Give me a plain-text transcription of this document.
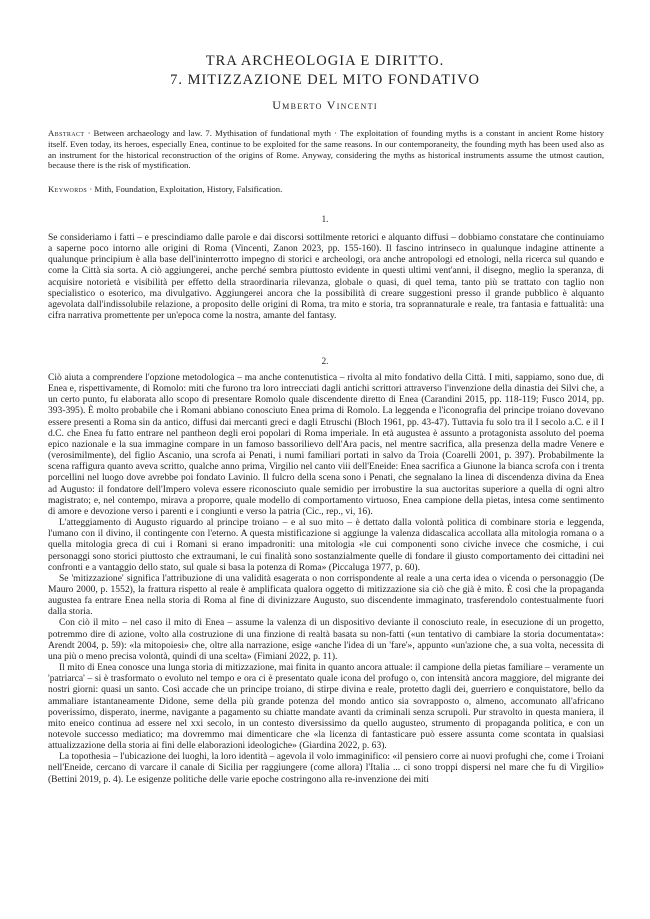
TRA ARCHEOLOGIA E DIRITTO.
7. MITIZZAZIONE DEL MITO FONDATIVO
Umberto Vincenti
Abstract · Between archaeology and law. 7. Mythisation of fundational myth · The exploitation of founding myths is a constant in ancient Rome history itself. Even today, its heroes, especially Enea, continue to be exploited for the same reasons. In our contemporaneity, the founding myth has been used also as an instrument for the historical reconstruction of the origins of Rome. Anyway, considering the myths as historical instruments assume the utmost caution, because there is the risk of mystification.
Keywords · Mith, Foundation, Exploitation, History, Falsification.
1.

Se consideriamo i fatti – e prescindiamo dalle parole e dai discorsi sottilmente retorici e alquanto diffusi – dobbiamo constatare che continuiamo a saperne poco intorno alle origini di Roma (Vincenti, Zanon 2023, pp. 155-160). Il fascino intrinseco in qualunque indagine attinente a qualunque principium è alla base dell'ininterrotto impegno di storici e archeologi, ora anche antropologi ed etnologi, nella ricerca sul quando e come la Città sia sorta. A ciò aggiungerei, anche perché sembra piuttosto evidente in questi ultimi vent'anni, il disegno, meglio la speranza, di acquisire notorietà e visibilità per effetto della straordinaria rilevanza, globale o quasi, di quel tema, tanto più se trattato con taglio non specialistico o esoterico, ma divulgativo. Aggiungerei ancora che la possibilità di creare suggestioni presso il grande pubblico è alquanto agevolata dall'indissolubile relazione, a proposito delle origini di Roma, tra mito e storia, tra soprannaturale e reale, tra fantasia e fattualità: una cifra narrativa promettente per un'epoca come la nostra, amante del fantasy.

2.

Ciò aiuta a comprendere l'opzione metodologica – ma anche contenutistica – rivolta al mito fondativo della Città. I miti, sappiamo, sono due, di Enea e, rispettivamente, di Romolo: miti che furono tra loro intrecciati dagli antichi scrittori attraverso l'invenzione della dinastia dei Silvi che, a un certo punto, fu elaborata allo scopo di presentare Romolo quale discendente diretto di Enea (Carandini 2015, pp. 118-119; Fusco 2014, pp. 393-395). È molto probabile che i Romani abbiano conosciuto Enea prima di Romolo. La leggenda e l'iconografia del principe troiano dovevano essere presenti a Roma sin da antico, diffusi dai mercanti greci e dagli Etruschi (Bloch 1961, pp. 43-47). Tuttavia fu solo tra il I secolo a.C. e il I d.C. che Enea fu fatto entrare nel pantheon degli eroi popolari di Roma imperiale. In età augustea è assunto a protagonista assoluto del poema epico nazionale e la sua immagine compare in un famoso bassorilievo dell'Ara pacis, nel mentre sacrifica, alla presenza della madre Venere e (verosimilmente), del figlio Ascanio, una scrofa ai Penati, i numi familiari portati in salvo da Troia (Coarelli 2001, p. 397). Probabilmente la scena raffigura quanto aveva scritto, qualche anno prima, Virgilio nel canto viii dell'Eneide: Enea sacrifica a Giunone la bianca scrofa con i trenta porcellini nel luogo dove avrebbe poi fondato Lavinio. Il fulcro della scena sono i Penati, che segnalano la linea di discendenza divina da Enea ad Augusto: il fondatore dell'Impero voleva essere riconosciuto quale semidio per irrobustire la sua auctoritas superiore a quella di ogni altro magistrato; e, nel contempo, mirava a proporre, quale modello di comportamento virtuoso, Enea campione della pietas, intesa come sentimento di amore e devozione verso i parenti e i congiunti e verso la patria (Cic., rep., vi, 16).

L'atteggiamento di Augusto riguardo al principe troiano – e al suo mito – è dettato dalla volontà politica di combinare storia e leggenda, l'umano con il divino, il contingente con l'eterno. A questa mistificazione si aggiunge la valenza didascalica accollata alla mitologia romana o a quella mitologia greca di cui i Romani si erano impadroniti: una mitologia «le cui componenti sono civiche invece che cosmiche, i cui personaggi sono storici piuttosto che extraumani, le cui finalità sono sostanzialmente quelle di fondare il giusto comportamento dei cittadini nei confronti e a vantaggio dello stato, sul quale si basa la potenza di Roma» (Piccaluga 1977, p. 60).

Se 'mitizzazione' significa l'attribuzione di una validità esagerata o non corrispondente al reale a una certa idea o vicenda o personaggio (De Mauro 2000, p. 1552), la frattura rispetto al reale è amplificata qualora oggetto di mitizzazione sia ciò che già è mito. È così che la propaganda augustea fa entrare Enea nella storia di Roma al fine di divinizzare Augusto, suo discendente immaginato, trasferendolo contestualmente fuori dalla storia.

Con ciò il mito – nel caso il mito di Enea – assume la valenza di un dispositivo deviante il conosciuto reale, in esecuzione di un progetto, potremmo dire di azione, volto alla costruzione di una finzione di realtà basata su non-fatti («un tentativo di cambiare la storia documentata»: Arendt 2004, p. 59): «la mitopoiesi» che, oltre alla narrazione, esige «anche l'idea di un 'fare'», appunto «un'azione che, a sua volta, necessita di una più o meno precisa volontà, quindi di una scelta» (Fimiani 2022, p. 11).

Il mito di Enea conosce una lunga storia di mitizzazione, mai finita in quanto ancora attuale: il campione della pietas familiare – veramente un 'patriarca' – si è trasformato o evoluto nel tempo e ora ci è presentato quale icona del profugo o, con intensità ancora maggiore, del migrante dei nostri giorni: quasi un santo. Così accade che un principe troiano, di stirpe divina e reale, protetto dagli dei, guerriero e conquistatore, bello da ammaliare istantaneamente Didone, seme della più grande potenza del mondo antico sia sovrapposto o, almeno, accomunato all'africano poverissimo, disperato, inerme, navigante a pagamento su chiatte mandate avanti da criminali senza scrupoli. Pur stravolto in questa maniera, il mito eneico continua ad essere nel xxi secolo, in un contesto diversissimo da quello augusteo, strumento di propaganda politica, e con un notevole successo mediatico; ma dovremmo mai dimenticare che «la licenza di fantasticare può essere assunta come scontata in qualsiasi attualizzazione della storia ai fini delle elaborazioni ideologiche» (Giardina 2022, p. 63).

La topothesia – l'ubicazione dei luoghi, la loro identità – agevola il volo immaginifico: «il pensiero corre ai nuovi profughi che, come i Troiani nell'Eneide, cercano di varcare il canale di Sicilia per raggiungere (come allora) l'Italia ... ci sono troppi dispersi nel mare che fu di Virgilio» (Bettini 2019, p. 4). Le esigenze politiche delle varie epoche costringono alla re-invenzione dei miti
